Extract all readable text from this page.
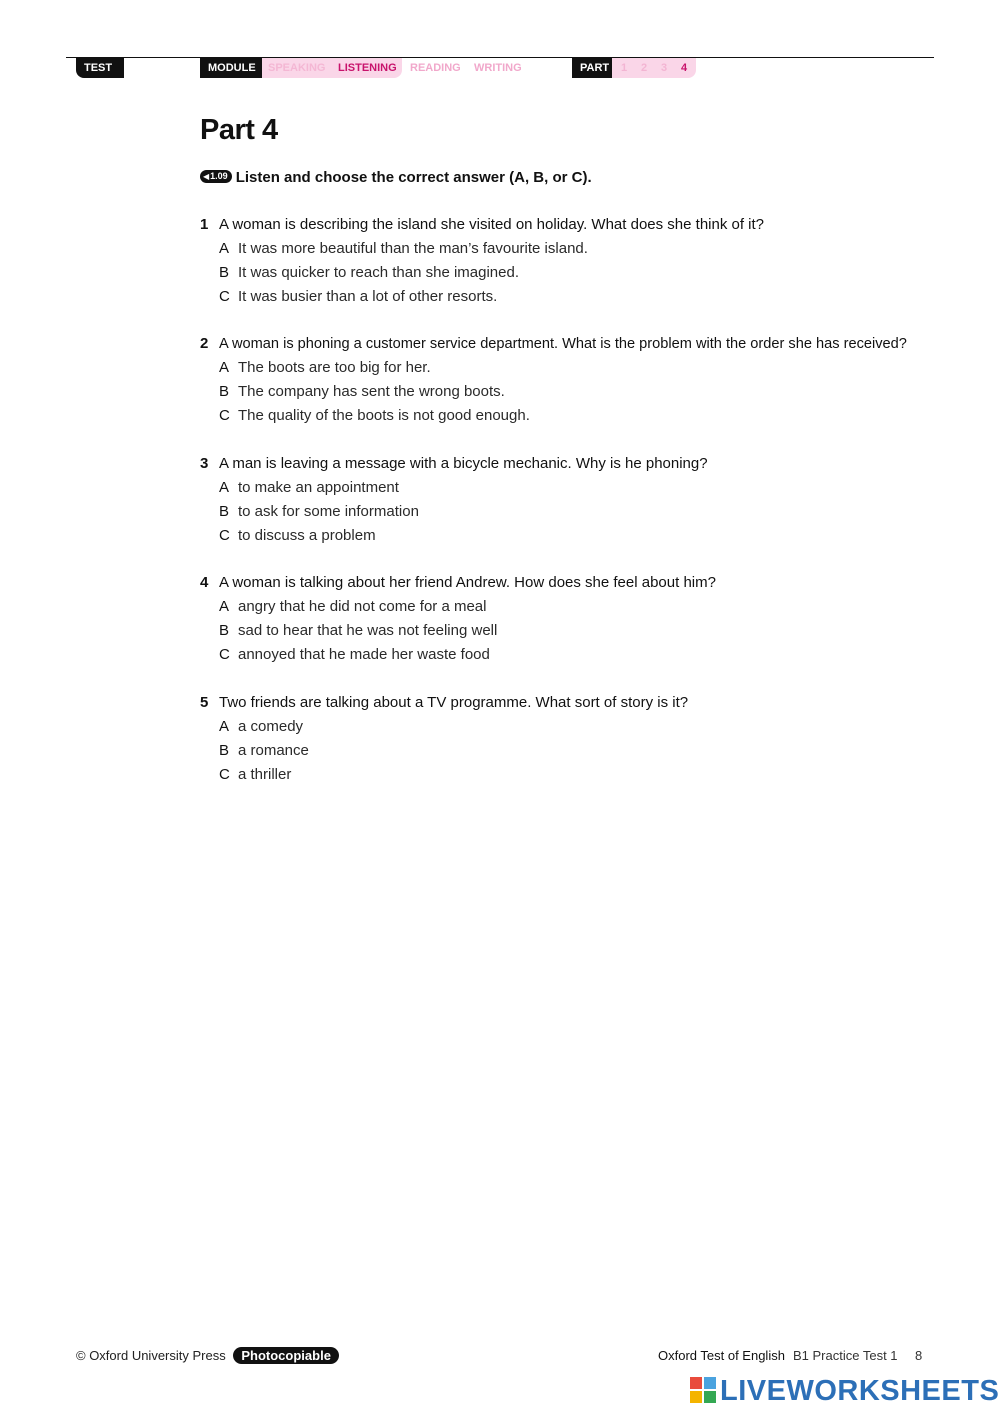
TEST 1
MODULE	SPEAKING LISTENING READING WRITING	PART 1 2 3 4
Part 4
◀1.09 Listen and choose the correct answer (A, B, or C).
1 A woman is describing the island she visited on holiday. What does she think of it?
A It was more beautiful than the man’s favourite island.
B It was quicker to reach than she imagined.
C It was busier than a lot of other resorts.
2 A woman is phoning a customer service department. What is the problem with the order she has received?
A The boots are too big for her.
B The company has sent the wrong boots.
C The quality of the boots is not good enough.
3 A man is leaving a message with a bicycle mechanic. Why is he phoning?
A to make an appointment
B to ask for some information
C to discuss a problem
4 A woman is talking about her friend Andrew. How does she feel about him?
A angry that he did not come for a meal
B sad to hear that he was not feeling well
C annoyed that he made her waste food
5 Two friends are talking about a TV programme. What sort of story is it?
A a comedy
B a romance
C a thriller
© Oxford University Press Photocopiable	Oxford Test of English B1 Practice Test 1 8
LIVEWORKSHEETS
